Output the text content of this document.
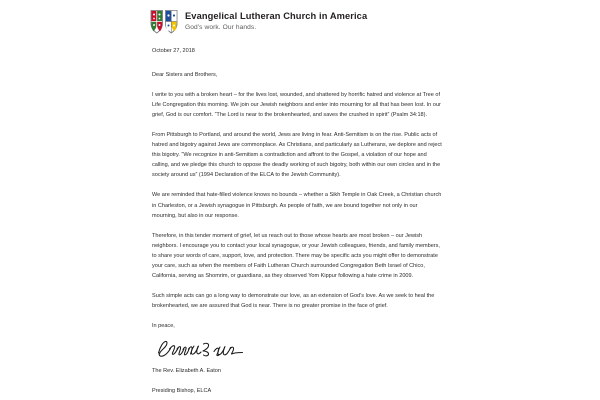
Evangelical Lutheran Church in America
God's work. Our hands.

October 27, 2018

Dear Sisters and Brothers,

I write to you with a broken heart – for the lives lost, wounded, and shattered by horrific hatred and violence at Tree of Life Congregation this morning. We join our Jewish neighbors and enter into mourning for all that has been lost. In our grief, God is our comfort. “The Lord is near to the brokenhearted, and saves the crushed in spirit” (Psalm 34:18).

From Pittsburgh to Portland, and around the world, Jews are living in fear. Anti-Semitism is on the rise. Public acts of hatred and bigotry against Jews are commonplace. As Christians, and particularly as Lutherans, we deplore and reject this bigotry. “We recognize in anti-Semitism a contradiction and affront to the Gospel, a violation of our hope and calling, and we pledge this church to oppose the deadly working of such bigotry, both within our own circles and in the society around us” (1994 Declaration of the ELCA to the Jewish Community).

We are reminded that hate-filled violence knows no bounds – whether a Sikh Temple in Oak Creek, a Christian church in Charleston, or a Jewish synagogue in Pittsburgh. As people of faith, we are bound together not only in our mourning, but also in our response.

Therefore, in this tender moment of grief, let us reach out to those whose hearts are most broken – our Jewish neighbors. I encourage you to contact your local synagogue, or your Jewish colleagues, friends, and family members, to share your words of care, support, love, and protection. There may be specific acts you might offer to demonstrate your care, such as when the members of Faith Lutheran Church surrounded Congregation Beth Israel of Chico, California, serving as Shomrim, or guardians, as they observed Yom Kippur following a hate crime in 2009.

Such simple acts can go a long way to demonstrate our love, as an extension of God’s love. As we seek to heal the brokenhearted, we are assured that God is near. There is no greater promise in the face of grief.

In peace,

The Rev. Elizabeth A. Eaton

Presiding Bishop, ELCA
